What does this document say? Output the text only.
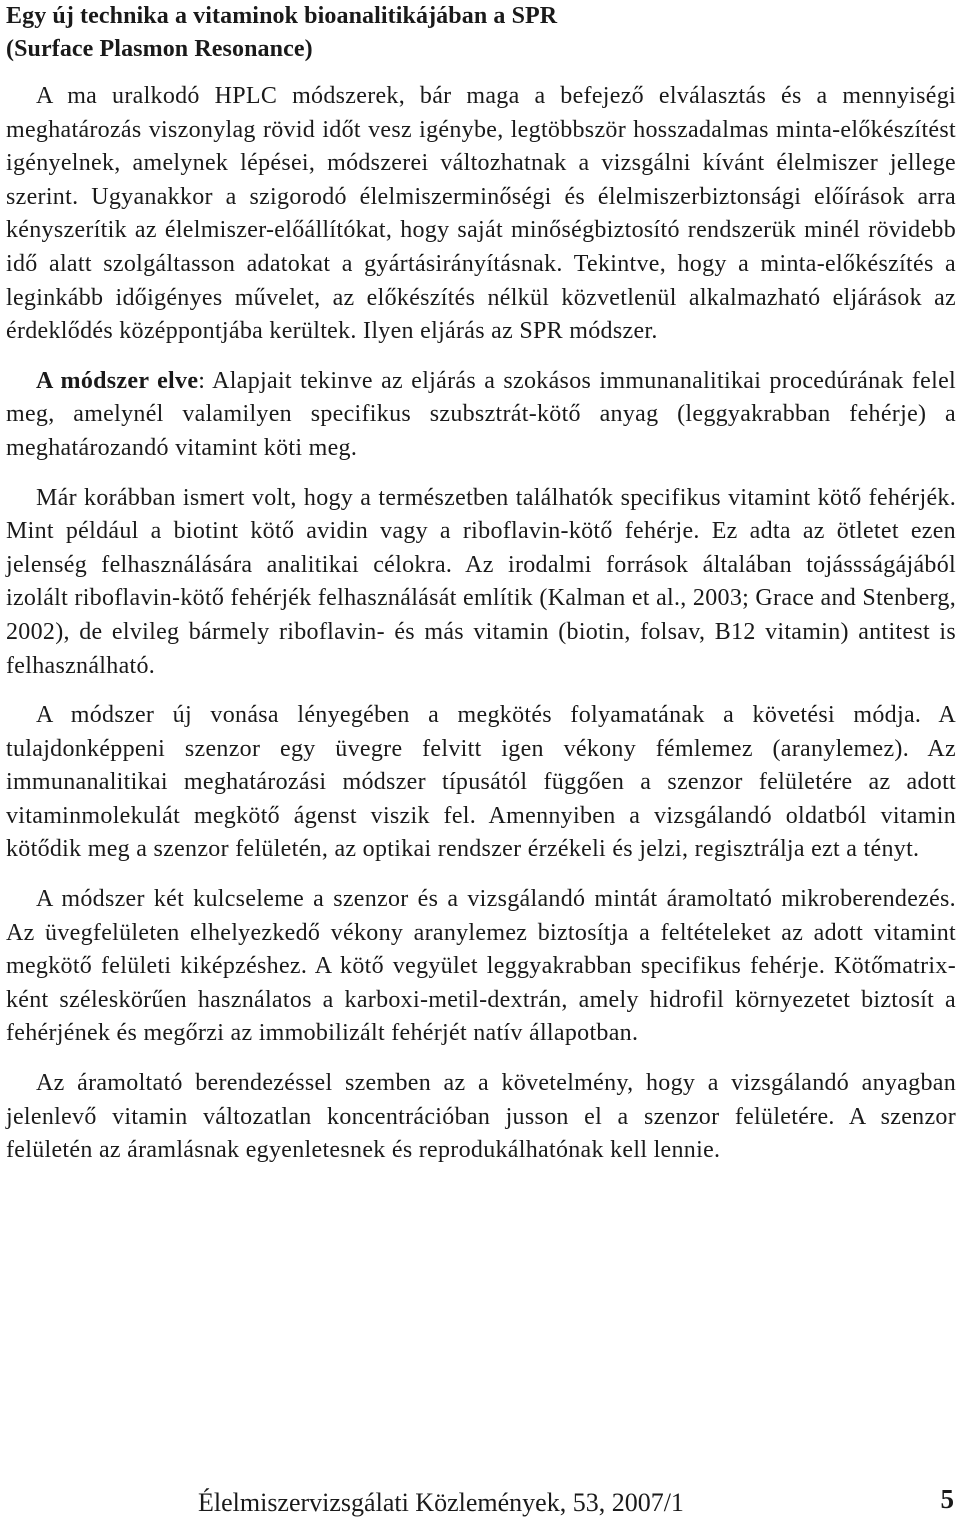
Egy új technika a vitaminok bioanalitikájában a SPR
(Surface Plasmon Resonance)

A ma uralkodó HPLC módszerek, bár maga a befejező elválasztás és a mennyiségi meghatározás viszonylag rövid időt vesz igénybe, legtöbbször hosszadalmas minta-előkészítést igényelnek, amelynek lépései, módszerei változhatnak a vizsgálni kívánt élelmiszer jellege szerint. Ugyanakkor a szigorodó élelmiszerminőségi és élelmiszerbiztonsági előírások arra kényszerítik az élelmiszer-előállítókat, hogy saját minőségbiztosító rendszerük minél rövidebb idő alatt szolgáltasson adatokat a gyártásirányításnak. Tekintve, hogy a minta-előkészítés a leginkább időigényes művelet, az előkészítés nélkül közvetlenül alkalmazható eljárások az érdeklődés középpontjába kerültek. Ilyen eljárás az SPR módszer.

A módszer elve: Alapjait tekinve az eljárás a szokásos immunanalitikai procedúrának felel meg, amelynél valamilyen specifikus szubsztrát-kötő anyag (leggyakrabban fehérje) a meghatározandó vitamint köti meg.

Már korábban ismert volt, hogy a természetben találhatók specifikus vitamint kötő fehérjék. Mint például a biotint kötő avidin vagy a riboflavin-kötő fehérje. Ez adta az ötletet ezen jelenség felhasználására analitikai célokra. Az irodalmi források általában tojássságájából izolált riboflavin-kötő fehérjék felhasználását említik (Kalman et al., 2003; Grace and Stenberg, 2002), de elvileg bármely riboflavin- és más vitamin (biotin, folsav, B12 vitamin) antitest is felhasználható.

A módszer új vonása lényegében a megkötés folyamatának a követési módja. A tulajdonképpeni szenzor egy üvegre felvitt igen vékony fémlemez (aranylemez). Az immunanalitikai meghatározási módszer típusától függően a szenzor felületére az adott vitaminmolekulát megkötő ágenst viszik fel. Amennyiben a vizsgálandó oldatból vitamin kötődik meg a szenzor felületén, az optikai rendszer érzékeli és jelzi, regisztrálja ezt a tényt.

A módszer két kulcseleme a szenzor és a vizsgálandó mintát áramoltató mikroberendezés. Az üvegfelületen elhelyezkedő vékony aranylemez biztosítja a feltételeket az adott vitamint megkötő felületi kiképzéshez. A kötő vegyület leggyakrabban specifikus fehérje. Kötőmatrix-ként széleskörűen használatos a karboxi-metil-dextrán, amely hidrofil környezetet biztosít a fehérjének és megőrzi az immobilizált fehérjét natív állapotban.

Az áramoltató berendezéssel szemben az a követelmény, hogy a vizsgálandó anyagban jelenlevő vitamin változatlan koncentrációban jusson el a szenzor felületére. A szenzor felületén az áramlásnak egyenletesnek és reprodukálhatónak kell lennie.

Élelmiszervizsgálati Közlemények, 53, 2007/1	5
